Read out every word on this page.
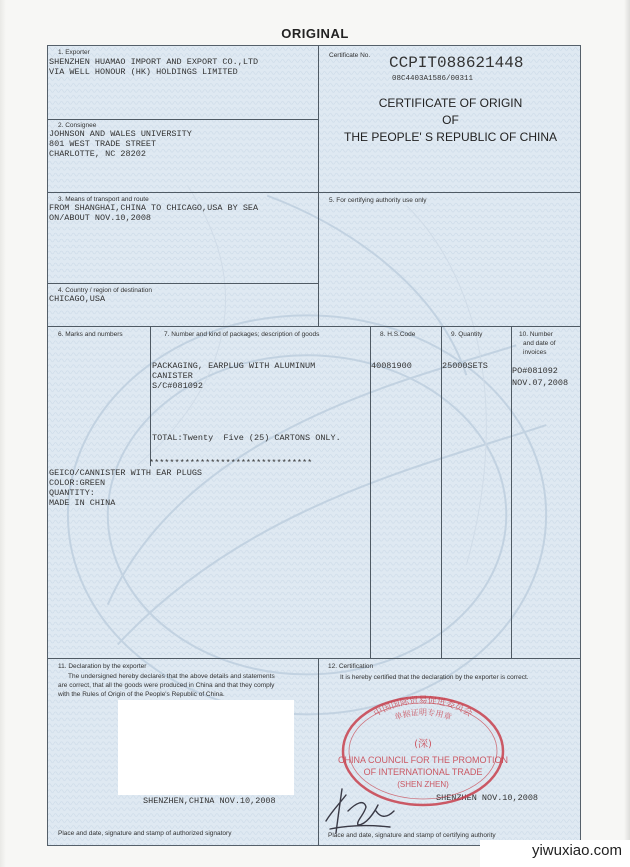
ORIGINAL
1. Exporter
SHENZHEN HUAMAO IMPORT AND EXPORT CO.,LTD
VIA WELL HONOUR (HK) HOLDINGS LIMITED
2. Consignee
JOHNSON AND WALES UNIVERSITY
801 WEST TRADE STREET
CHARLOTTE, NC 28202
3. Means of transport and route
FROM SHANGHAI,CHINA TO CHICAGO,USA BY SEA
ON/ABOUT NOV.10,2008
4. Country / region of destination
CHICAGO,USA
Certificate No. CCPIT088621448
08C4403A1586/00311
CERTIFICATE OF ORIGIN
OF
THE PEOPLE' S REPUBLIC OF CHINA
5. For certifying authority use only
6. Marks and numbers	7. Number and kind of packages; description of goods	8. H.S.Code	9. Quantity	10. Number
and date of
invoices
PACKAGING, EARPLUG WITH ALUMINUM
CANISTER
S/C#081092
40081900	25000SETS	PO#081092
NOV.07,2008
TOTAL:Twenty  Five (25) CARTONS ONLY.
********************************
GEICO/CANNISTER WITH EAR PLUGS
COLOR:GREEN
QUANTITY:
MADE IN CHINA
11. Declaration by the exporter
The undersigned hereby declares that the above details and statements
are correct, that all the goods were produced in China and that they comply
with the Rules of Origin of the People's Republic of China.
SHENZHEN,CHINA NOV.10,2008
Place and date, signature and stamp of authorized signatory
12. Certification
It is hereby certified that the declaration by the exporter is correct.
SHENZHEN NOV.10,2008
Place and date, signature and stamp of certifying authority
中国国际贸易促进委员会
单据证明专用章
(深)
CHINA COUNCIL FOR THE PROMOTION
OF INTERNATIONAL TRADE
(SHEN ZHEN)
yiwuxiao.com
